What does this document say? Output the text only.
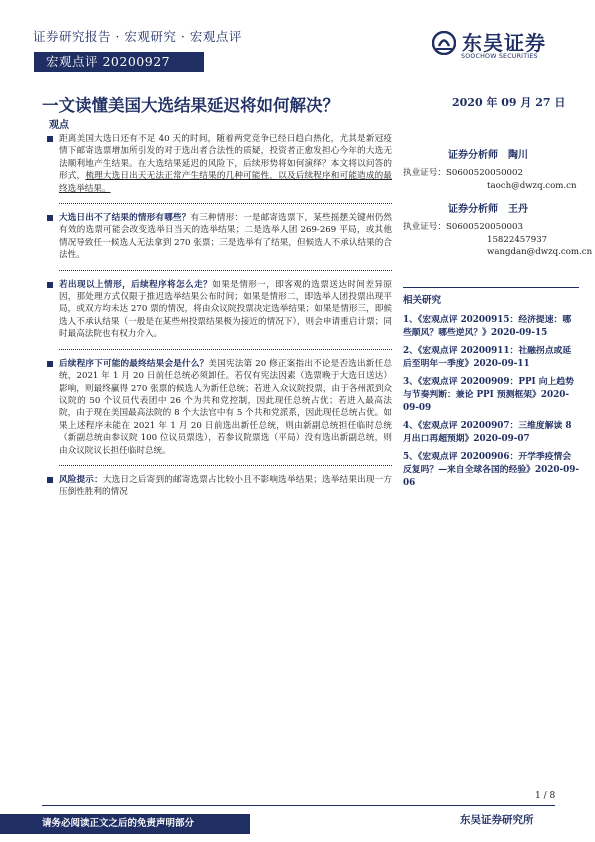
证券研究报告 · 宏观研究 · 宏观点评
宏观点评 20200927
东吴证券
SOOCHOW SECURITIES
一文读懂美国大选结果延迟将如何解决？	2020 年 09 月 27 日
观点
距离美国大选日还有不足 40 天的时间，随着两党竞争已经日趋白热化，尤其是新冠疫情下邮寄选票增加所引发的对于选出者合法性的质疑，投资者正愈发担心今年的大选无法顺利地产生结果。在大选结果延迟的风险下，后续形势将如何演绎？本文将以问答的形式，梳理大选日出天无法正常产生结果的几种可能性，以及后续程序和可能造成的最终选举结果。
大选日出不了结果的情形有哪些？有三种情形：一是邮寄选票下，某些摇摆关键州仍然有效的选票可能会改变选举日当天的选举结果；二是选举人团 269-269 平局，或其他情况导致任一候选人无法拿到 270 张票；三是选举有了结果，但候选人不承认结果的合法性。
若出现以上情形，后续程序将怎么走？如果是情形一，即客观的选票送达时间差异原因，那处理方式仅限于推迟选举结果公布时间；如果是情形二，即选举人团投票出现平局，或双方均未达 270 票的情况，将由众议院投票决定选举结果；如果是情形三，即候选人不承认结果（一般是在某些州投票结果极为接近的情况下），则会申请重启计票；同时最高法院也有权力介入。
后续程序下可能的最终结果会是什么？美国宪法第 20 修正案指出不论是否选出新任总统，2021 年 1 月 20 日前任总统必须卸任。若仅有宪法因素（选票晚于大选日送达）影响，则最终赢得 270 张票的候选人为新任总统；若进入众议院投票，由于各州派到众议院的 50 个议员代表团中 26 个为共和党控制，因此现任总统占优；若进入最高法院，由于现在美国最高法院的 8 个大法官中有 5 个共和党派系，因此现任总统占优。如果上述程序未能在 2021 年 1 月 20 日前选出新任总统，则由新副总统担任临时总统（新副总统由参议院 100 位议员票选），若参议院票选（平局）没有选出新副总统，则由众议院议长担任临时总统。
风险提示：大选日之后寄到的邮寄选票占比较小且不影响选举结果；选举结果出现一方压倒性胜利的情况
证券分析师　陶川
执业证号：S0600520050002
taoch@dwzq.com.cn
证券分析师　王丹
执业证号：S0600520050003
15822457937
wangdan@dwzq.com.cn
相关研究
1、《宏观点评 20200915：经济提速：哪些顺风？哪些逆风？》2020-09-15
2、《宏观点评 20200911：社融拐点或延后至明年一季度》2020-09-11
3、《宏观点评 20200909：PPI 向上趋势与节奏判断：兼论 PPI 预测框架》2020-09-09
4、《宏观点评 20200907：三维度解读 8 月出口再超预期》2020-09-07
5、《宏观点评 20200906：开学季疫情会反复吗？—来自全球各国的经验》2020-09-06
1 / 8
东吴证券研究所
请务必阅读正文之后的免责声明部分
